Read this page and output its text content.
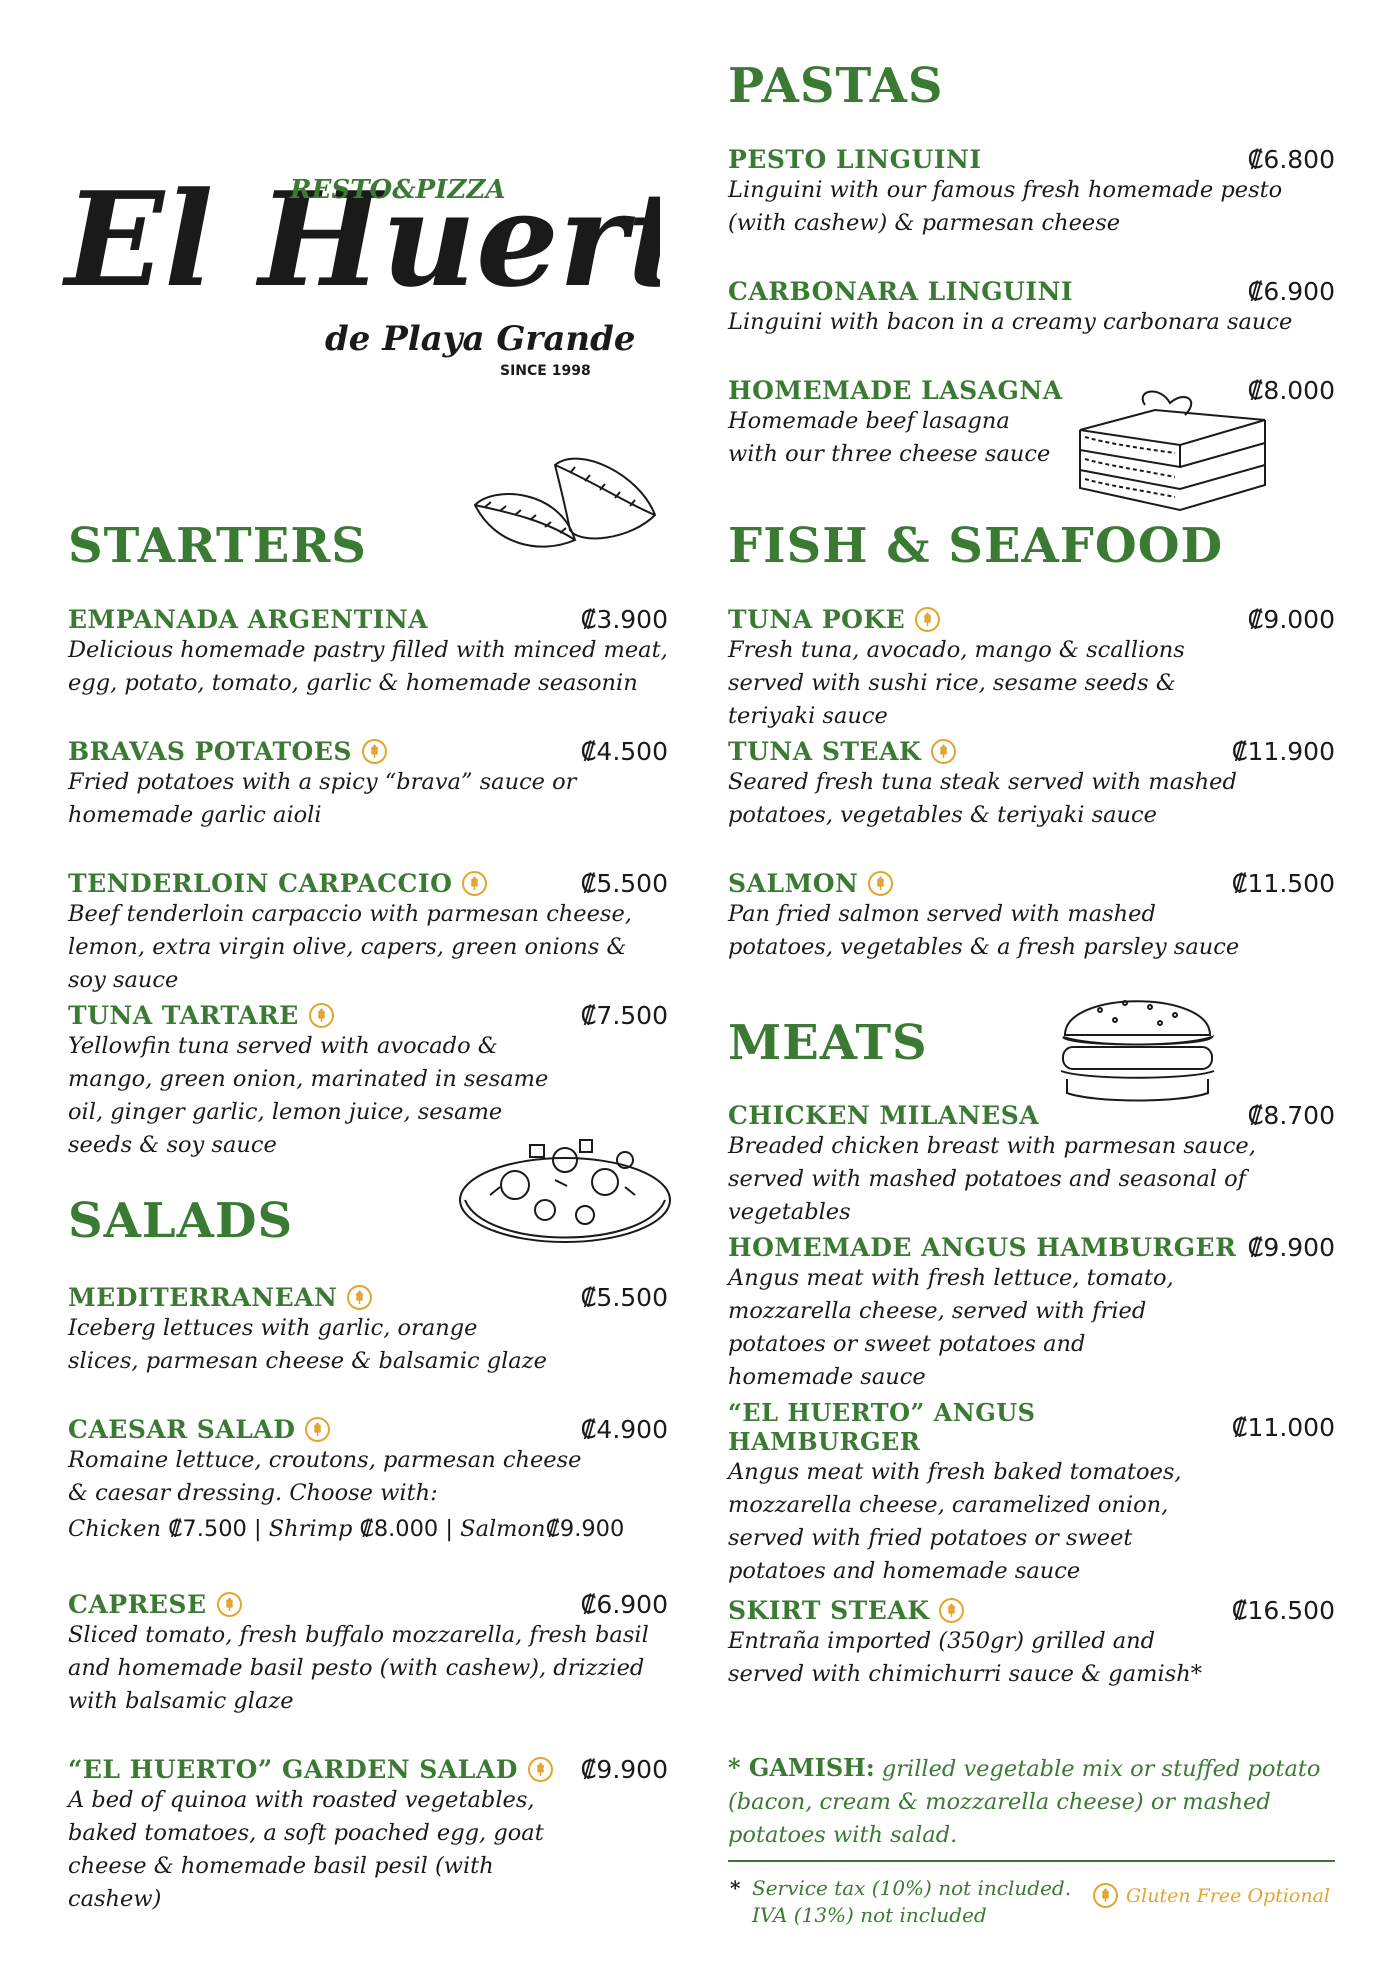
El Huer
RESTO&PIZZA
de Playa Grande
SINCE 1998
STARTERS
EMPANADA ARGENTINA	₡3.900
Delicious homemade pastry filled with minced meat, egg, potato, tomato, garlic & homemade seasonin
BRAVAS POTATOES	₡4.500
Fried potatoes with a spicy “brava” sauce or homemade garlic aioli
TENDERLOIN CARPACCIO	₡5.500
Beef tenderloin carpaccio with parmesan cheese, lemon, extra virgin olive, capers, green onions & soy sauce
TUNA TARTARE	₡7.500
Yellowfin tuna served with avocado & mango, green onion, marinated in sesame oil, ginger garlic, lemon juice, sesame seeds & soy sauce
SALADS
MEDITERRANEAN	₡5.500
Iceberg lettuces with garlic, orange slices, parmesan cheese & balsamic glaze
CAESAR SALAD	₡4.900
Romaine lettuce, croutons, parmesan cheese & caesar dressing. Choose with:
Chicken ₡7.500 | Shrimp ₡8.000 | Salmon₡9.900
CAPRESE	₡6.900
Sliced tomato, fresh buffalo mozzarella, fresh basil and homemade basil pesto (with cashew), drizzied with balsamic glaze
“EL HUERTO” GARDEN SALAD	₡9.900
A bed of quinoa with roasted vegetables, baked tomatoes, a soft poached egg, goat cheese & homemade basil pesil (with cashew)
PASTAS
PESTO LINGUINI	₡6.800
Linguini with our famous fresh homemade pesto (with cashew) & parmesan cheese
CARBONARA LINGUINI	₡6.900
Linguini with bacon in a creamy carbonara sauce
HOMEMADE LASAGNA	₡8.000
Homemade beef lasagna with our three cheese sauce
FISH & SEAFOOD
TUNA POKE	₡9.000
Fresh tuna, avocado, mango & scallions served with sushi rice, sesame seeds & teriyaki sauce
TUNA STEAK	₡11.900
Seared fresh tuna steak served with mashed potatoes, vegetables & teriyaki sauce
SALMON	₡11.500
Pan fried salmon served with mashed potatoes, vegetables & a fresh parsley sauce
MEATS
CHICKEN MILANESA	₡8.700
Breaded chicken breast with parmesan sauce, served with mashed potatoes and seasonal of vegetables
HOMEMADE ANGUS HAMBURGER ₡9.900
Angus meat with fresh lettuce, tomato, mozzarella cheese, served with fried potatoes or sweet potatoes and homemade sauce
“EL HUERTO” ANGUS HAMBURGER	₡11.000
Angus meat with fresh baked tomatoes, mozzarella cheese, caramelized onion, served with fried potatoes or sweet potatoes and homemade sauce
SKIRT STEAK	₡16.500
Entraña imported (350gr) grilled and served with chimichurri sauce & gamish*
* GAMISH: grilled vegetable mix or stuffed potato (bacon, cream & mozzarella cheese) or mashed potatoes with salad.
* Service tax (10%) not included.
IVA (13%) not included
Gluten Free Optional
